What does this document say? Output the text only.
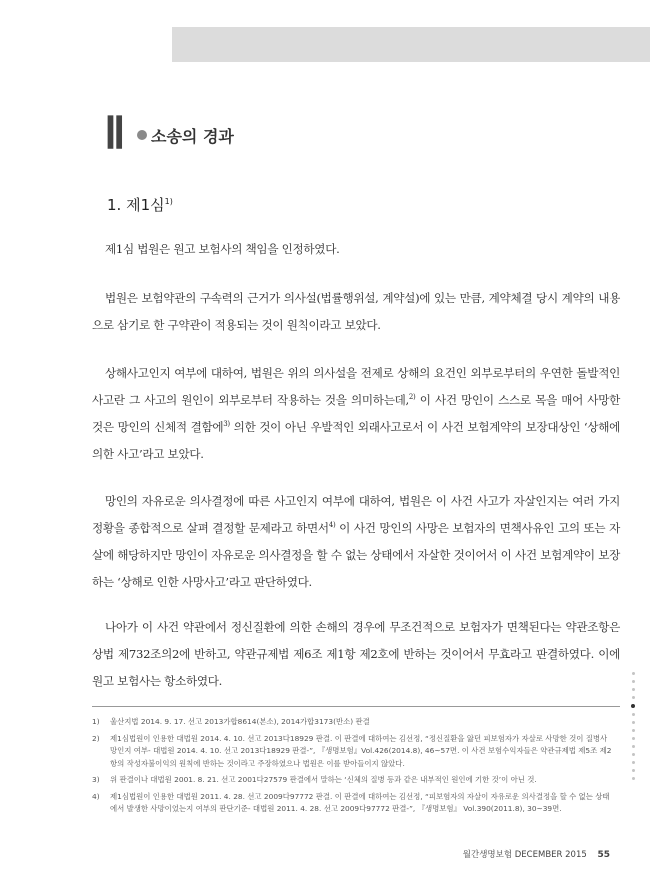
Ⅱ 소송의 경과
1. 제1심$^{1)}$
제1심 법원은 원고 보험사의 책임을 인정하였다.
법원은 보험약관의 구속력의 근거가 의사설(법률행위설, 계약설)에 있는 만큼, 계약체결 당시 계약의 내용으로 삼기로 한 구약관이 적용되는 것이 원칙이라고 보았다.
상해사고인지 여부에 대하여, 법원은 위의 의사설을 전제로 상해의 요건인 외부로부터의 우연한 돌발적인 사고란 그 사고의 원인이 외부로부터 작용하는 것을 의미하는데,$^{2)}$ 이 사건 망인이 스스로 목을 매어 사망한 것은 망인의 신체적 결함에$^{3)}$ 의한 것이 아닌 우발적인 외래사고로서 이 사건 보험계약의 보장대상인 ‘상해에 의한 사고’라고 보았다.
망인의 자유로운 의사결정에 따른 사고인지 여부에 대하여, 법원은 이 사건 사고가 자살인지는 여러 가지 정황을 종합적으로 살펴 결정할 문제라고 하면서$^{4)}$ 이 사건 망인의 사망은 보험자의 면책사유인 고의 또는 자살에 해당하지만 망인이 자유로운 의사결정을 할 수 없는 상태에서 자살한 것이어서 이 사건 보험계약이 보장하는 ‘상해로 인한 사망사고’라고 판단하였다.
나아가 이 사건 약관에서 정신질환에 의한 손해의 경우에 무조건적으로 보험자가 면책된다는 약관조항은 상법 제732조의2에 반하고, 약관규제법 제6조 제1항 제2호에 반하는 것이어서 무효라고 판결하였다. 이에 원고 보험사는 항소하였다.
1)	울산지법 2014. 9. 17. 선고 2013가합8614(본소), 2014가합3173(반소) 판결
2)	제1심법원이 인용한 대법원 2014. 4. 10. 선고 2013다18929 판결. 이 판결에 대하여는 김선정, “정신질환을 앓던 피보험자가 자살로 사망한 것이 질병사망인지 여부- 대법원 2014. 4. 10. 선고 2013다18929 판결-”, 『생명보험』Vol.426(2014.8), 46~57면. 이 사건 보험수익자들은 약관규제법 제5조 제2항의 작성자불이익의 원칙에 반하는 것이라고 주장하였으나 법원은 이를 받아들이지 않았다.
3)	위 판결이나 대법원 2001. 8. 21. 선고 2001다27579 판결에서 말하는 ‘신체의 질병 등과 같은 내부적인 원인에 기한 것’이 아닌 것.
4)	제1심법원이 인용한 대법원 2011. 4. 28. 선고 2009다97772 판결. 이 판결에 대하여는 김선정, “피보험자의 자살이 자유로운 의사결정을 할 수 없는 상태에서 발생한 사망이었는지 여부의 판단기준- 대법원 2011. 4. 28. 선고 2009다97772 판결-”, 『생명보험』 Vol.390(2011.8), 30~39면.
월간생명보험 DECEMBER 2015 55
